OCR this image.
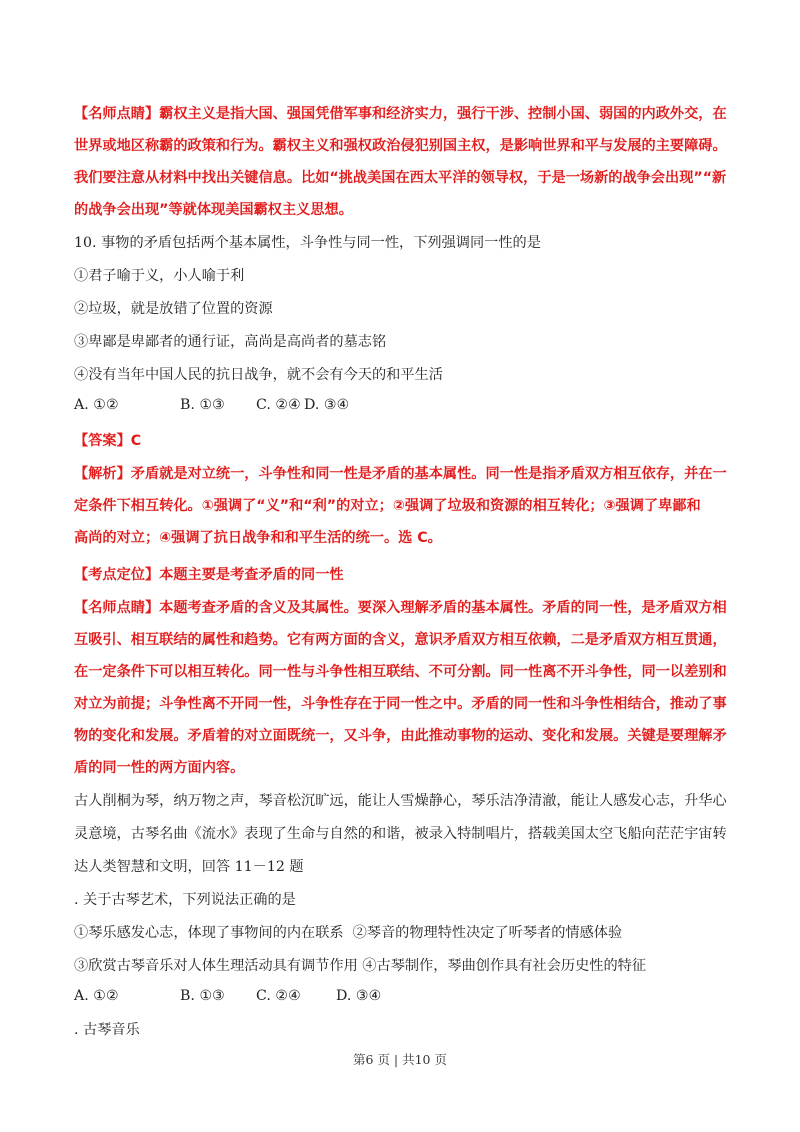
【名师点睛】霸权主义是指大国、强国凭借军事和经济实力，强行干涉、控制小国、弱国的内政外交，在
世界或地区称霸的政策和行为。霸权主义和强权政治侵犯别国主权，是影响世界和平与发展的主要障碍。
我们要注意从材料中找出关键信息。比如“挑战美国在西太平洋的领导权，于是一场新的战争会出现”“新
的战争会出现”等就体现美国霸权主义思想。
10. 事物的矛盾包括两个基本属性，斗争性与同一性，下列强调同一性的是
①君子喻于义，小人喻于利
②垃圾，就是放错了位置的资源
③卑鄙是卑鄙者的通行证，高尚是高尚者的墓志铭
④没有当年中国人民的抗日战争，就不会有今天的和平生活
A. ①②	B. ①③ C. ②④ D. ③④
【答案】C
【解析】矛盾就是对立统一，斗争性和同一性是矛盾的基本属性。同一性是指矛盾双方相互依存，并在一
定条件下相互转化。①强调了“义”和“利”的对立；②强调了垃圾和资源的相互转化；③强调了卑鄙和
高尚的对立；④强调了抗日战争和和平生活的统一。选 C。
【考点定位】本题主要是考查矛盾的同一性
【名师点睛】本题考查矛盾的含义及其属性。要深入理解矛盾的基本属性。矛盾的同一性，是矛盾双方相
互吸引、相互联结的属性和趋势。它有两方面的含义，意识矛盾双方相互依赖，二是矛盾双方相互贯通，
在一定条件下可以相互转化。同一性与斗争性相互联结、不可分割。同一性离不开斗争性，同一以差别和
对立为前提；斗争性离不开同一性，斗争性存在于同一性之中。矛盾的同一性和斗争性相结合，推动了事
物的变化和发展。矛盾着的对立面既统一，又斗争，由此推动事物的运动、变化和发展。关键是要理解矛
盾的同一性的两方面内容。
古人削桐为琴，纳万物之声，琴音松沉旷远，能让人雪燥静心，琴乐洁净清澈，能让人感发心志，升华心
灵意境，古琴名曲《流水》表现了生命与自然的和谐，被录入特制唱片，搭载美国太空飞船向茫茫宇宙转
达人类智慧和文明，回答 11－12 题
. 关于古琴艺术，下列说法正确的是
①琴乐感发心志，体现了事物间的内在联系 ②琴音的物理特性决定了听琴者的情感体验
③欣赏古琴音乐对人体生理活动具有调节作用 ④古琴制作，琴曲创作具有社会历史性的特征
A. ①②	B. ①③ C. ②④ D. ③④
. 古琴音乐
第6 页 | 共10 页
